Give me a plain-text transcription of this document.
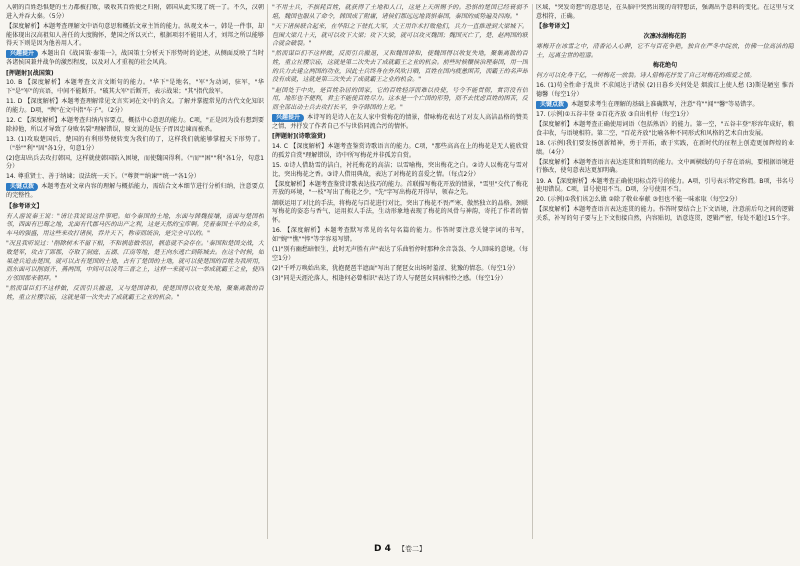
入朝的百姓恐惧楚的主力都被打败，吸收其百姓使之归附，韩国从此实现了统一了。不久，汉朝进入并吞大秦。（5分）

【深度解析】本题考查理解文中语句意思和概括文章主旨的能力。纵观文本一，韩是一件事，却能体现出汉高祖知人善任的大度胸怀，楚国之所以灭亡，根据项羽不能用人才，刘邦之所以能够得天下则是因为他善用人才。

兴趣提升 本题出自《战国策·秦策一》，战国策士分析天下形势时的论述，从侧面反映了当时各诸侯国兼并战争的激烈程度，以及对人才重视的社会风尚。

[押题射](战国策)

10. B 【深度解析】本题考查文言文断句的能力。"华下"是地名，"军"为动词，驻军，"华下"是"军"的宾语，中间不能断开。"破其大军"后断开，表示战果；"其"指代敌军。

11. D 【深度解析】本题考查理解常见文言实词在文中的含义。了解并掌握常见的古代文化知识的能力。D项，"舆"在文中指"车子"。（2分）

12. C 【深度解析】本题考查归纳内容要点，概括中心意思的能力。C项，"正是因为没有想到要除掉他，所以才导致了身败名裂"理解错误，原文说的是伍子胥因忠谏而被杀。

13. (1)攻取楚国后，楚国的有利形势便转变为我们的了，这样我们就能够掌握天下形势了。（"举""利""固"各1分，句意1分）

(2)您却出兵去攻打韩国，这样就使韩国陷入困境，而使魏国得利。（"而""困""利"各1分，句意1分）

14. 尊重贤士、善于纳谏；设法统一天下。（"尊贤""纳谏""统一"各1分）

关键点拨 本题考查对文章内容的理解与概括能力，需结合文本细节进行分析归纳，注意要点的完整性。

【参考译文】

有人游说秦王说："请让我说说这件事吧。如今秦国的土地，东面与韩魏接壤，南面与楚国相邻，西面有巴蜀之地，北面有代郡马匹的出产之利，这是天然的宝库啊。凭着秦国士卒的众多，车马的强盛，用这些来攻打诸侯，吞并天下，称帝而统治，是完全可以的。"

"况且我听说过：'削除树木不留下根，不和祸患做邻居，祸患就不会存在。'秦国和楚国交战，大败楚军，攻占了郢都，夺取了洞庭、五湖、江南等地，楚王向东逃亡到陈城去。在这个时候，如果进兵追击楚国，就可以占有楚国的土地，占有了楚国的土地，就可以使楚国的百姓为我所用，而东面可以削弱齐、燕两国，中间可以凌驾三晋之上，这样一来就可以一举成就霸王之业，使四方邻国都来朝拜。"

"然而谋臣们不这样做，反而引兵撤退，又与楚国讲和，使楚国得以收复失地，聚集离散的百姓，重立社稷宗庙，这就是第一次失去了成就霸王之业的机会。"

"不用士兵，不损耗百姓，就获得了土地和人口，这是上天所赐予的。恐惧的楚国已经衰弱不堪，魏国也服从了命令，韩国成了附庸，诸侯们都远远地畏惧秦国，秦国的威势遍及四海。"

"天下诸侯联合起来，在华阳之下驻扎大军，大王用诈术打败他们，兵力一直推进到大梁城下。包围大梁几十天，就可以攻下大梁；攻下大梁，就可以攻灭魏国；魏国灭亡了，楚、赵两国的联合就会破裂。"

"然而谋臣们不这样做，反而引兵撤退，又和魏国讲和，使魏国得以收复失地，聚集离散的百姓，重立社稷宗庙，这就是第二次失去了成就霸王之业的机会。前些时候穰侯治理秦国，用一国的兵力去建立两国的功业，因此士兵终身在外风吹日晒，百姓在国内疲惫困苦，而霸王的名声却没有成就，这就是第三次失去了成就霸王之业的机会。"

"赵国处于中央，是百姓杂居的国家，它的百姓轻浮而难以役使，号令不能贯彻，赏罚没有信用，地形也不便利，君主不能使百姓尽力。这本是一个亡国的形势，而不去忧虑百姓的困苦，反而全部出动士兵去攻打长平，争夺韩国的上党。"

兴趣提升 本诗写的是诗人在友人家中赏梅花的情景，借咏梅花表达了对友人高洁品格的赞美之情，并抒发了作者自己不与世俗同流合污的情怀。

[押题射](诗歌鉴赏)

14. C 【深度解析】本题考查鉴赏诗歌语言的能力。C项，"那些高高在上的梅花是无人能欣赏的孤芳自赏"理解错误，诗中所写梅花并非孤芳自赏。

15. ①诗人借助雪的洁白，衬托梅花的高洁；以雪喻梅，突出梅花之白。②诗人以梅花与雪对比，突出梅花之香。③诗人借用典故，表达了对梅花的喜爱之情。（每点2分）

【深度解析】本题考查鉴赏诗歌表达技巧的能力。首联描写梅花开放的情景，"雪里"交代了梅花开放的环境，"一枝"写出了梅花之少，"先"字写出梅花开得早，领春之先。

颔联运用了对比的手法，将梅花与百花进行对比，突出了梅花不畏严寒、傲然独立的品格。颈联写梅花的姿态与香气，运用拟人手法，生动形象地表现了梅花的风骨与神韵，寄托了作者的情怀。

16. 【深度解析】本题考查默写常见的名句名篇的能力。作答时要注意关键字词的书写，如"婉""憔""悴"等字容易写错。

(1)"别有幽愁暗恨生，此时无声胜有声"表达了乐曲暂停时那种余音袅袅、令人回味的意境。（每空1分）

(2)"千呼万唤始出来，犹抱琵琶半遮面"写出了琵琶女出场时羞涩、犹豫的情态。（每空1分）

(3)"同是天涯沦落人，相逢何必曾相识"表达了诗人与琵琶女同病相怜之感。（每空1分）

区域，"突发奇想"的意思是，在头脑中突然出现的奇特想法，强调出乎意料的变化。在这里与文意相符，正确。

【参考译文】

次凛冰湖梅花韵

寒梅开在冰雪之中，清香沁人心脾，它不与百花争艳，独自在严冬中绽放，仿佛一位高洁的隐士，远离尘世的喧嚣。

梅花绝句

何方可以化身千亿，一树梅花一放翁。诗人借梅花抒发了自己对梅花的痴爱之情。

16. (1)苟全性命于乱世 不求闻达于诸侯 (2)日暮乡关何处是 烟波江上使人愁 (3)斯是陋室 惟吾德馨（每空1分）

关键点拨 本题要求考生在理解的基础上准确默写，注意"苟""闻""馨"等易错字。

17. (示例)①五谷丰登 ②百花齐放 ③自出机杼（每空1分）

【深度解析】本题考查正确使用词语（包括熟语）的能力。第一空，"五谷丰登"形容年成好，粮食丰收，与语境相符。第二空，"百花齐放"比喻各种不同形式和风格的艺术自由发展。

18. (示例)我们要发扬创新精神，勇于开拓，敢于实践，在新时代的征程上创造更加辉煌的业绩。（4分）

【深度解析】本题考查语言表达连贯和简明的能力。文中画横线的句子存在语病，要根据语境进行修改，使句意表达更加明确。

19. A 【深度解析】本题考查正确使用标点符号的能力。A项，引号表示特定称谓。B项，书名号使用错误。C项，冒号使用不当。D项，分号使用不当。

20. (示例)①我们该怎么做 ②除了敬业奉献 ③但也不能一味索取（每空2分）

【深度解析】本题考查语言表达连贯的能力。作答时要结合上下文语境，注意前后句之间的逻辑关系，补写的句子要与上下文衔接自然，内容贴切，语意连贯，逻辑严密，每处不超过15个字。

D 4 【卷二】
